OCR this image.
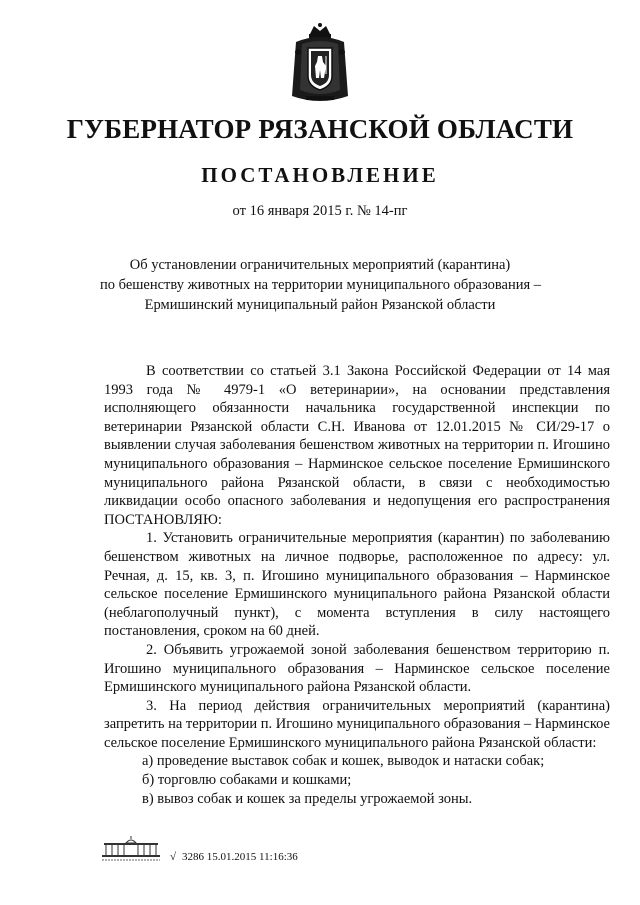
ГУБЕРНАТОР РЯЗАНСКОЙ ОБЛАСТИ
ПОСТАНОВЛЕНИЕ
от 16 января 2015 г. № 14-пг
Об установлении ограничительных мероприятий (карантина)
по бешенству животных на территории муниципального образования –
Ермишинский муниципальный район Рязанской области

В соответствии со статьей 3.1 Закона Российской Федерации от 14 мая 1993 года № 4979-1 «О ветеринарии», на основании представления исполняющего обязанности начальника государственной инспекции по ветеринарии Рязанской области С.Н. Иванова от 12.01.2015 № СИ/29-17 о выявлении случая заболевания бешенством животных на территории п. Игошино муниципального образования – Нарминское сельское поселение Ермишинского муниципального района Рязанской области, в связи с необходимостью ликвидации особо опасного заболевания и недопущения его распространения ПОСТАНОВЛЯЮ:

1. Установить ограничительные мероприятия (карантин) по заболеванию бешенством животных на личное подворье, расположенное по адресу: ул. Речная, д. 15, кв. 3, п. Игошино муниципального образования – Нарминское сельское поселение Ермишинского муниципального района Рязанской области (неблагополучный пункт), с момента вступления в силу настоящего постановления, сроком на 60 дней.

2. Объявить угрожаемой зоной заболевания бешенством территорию п. Игошино муниципального образования – Нарминское сельское поселение Ермишинского муниципального района Рязанской области.

3. На период действия ограничительных мероприятий (карантина) запретить на территории п. Игошино муниципального образования – Нарминское сельское поселение Ермишинского муниципального района Рязанской области:

а) проведение выставок собак и кошек, выводок и натаски собак;

б) торговлю собаками и кошками;

в) вывоз собак и кошек за пределы угрожаемой зоны.

√ 3286 15.01.2015 11:16:36
